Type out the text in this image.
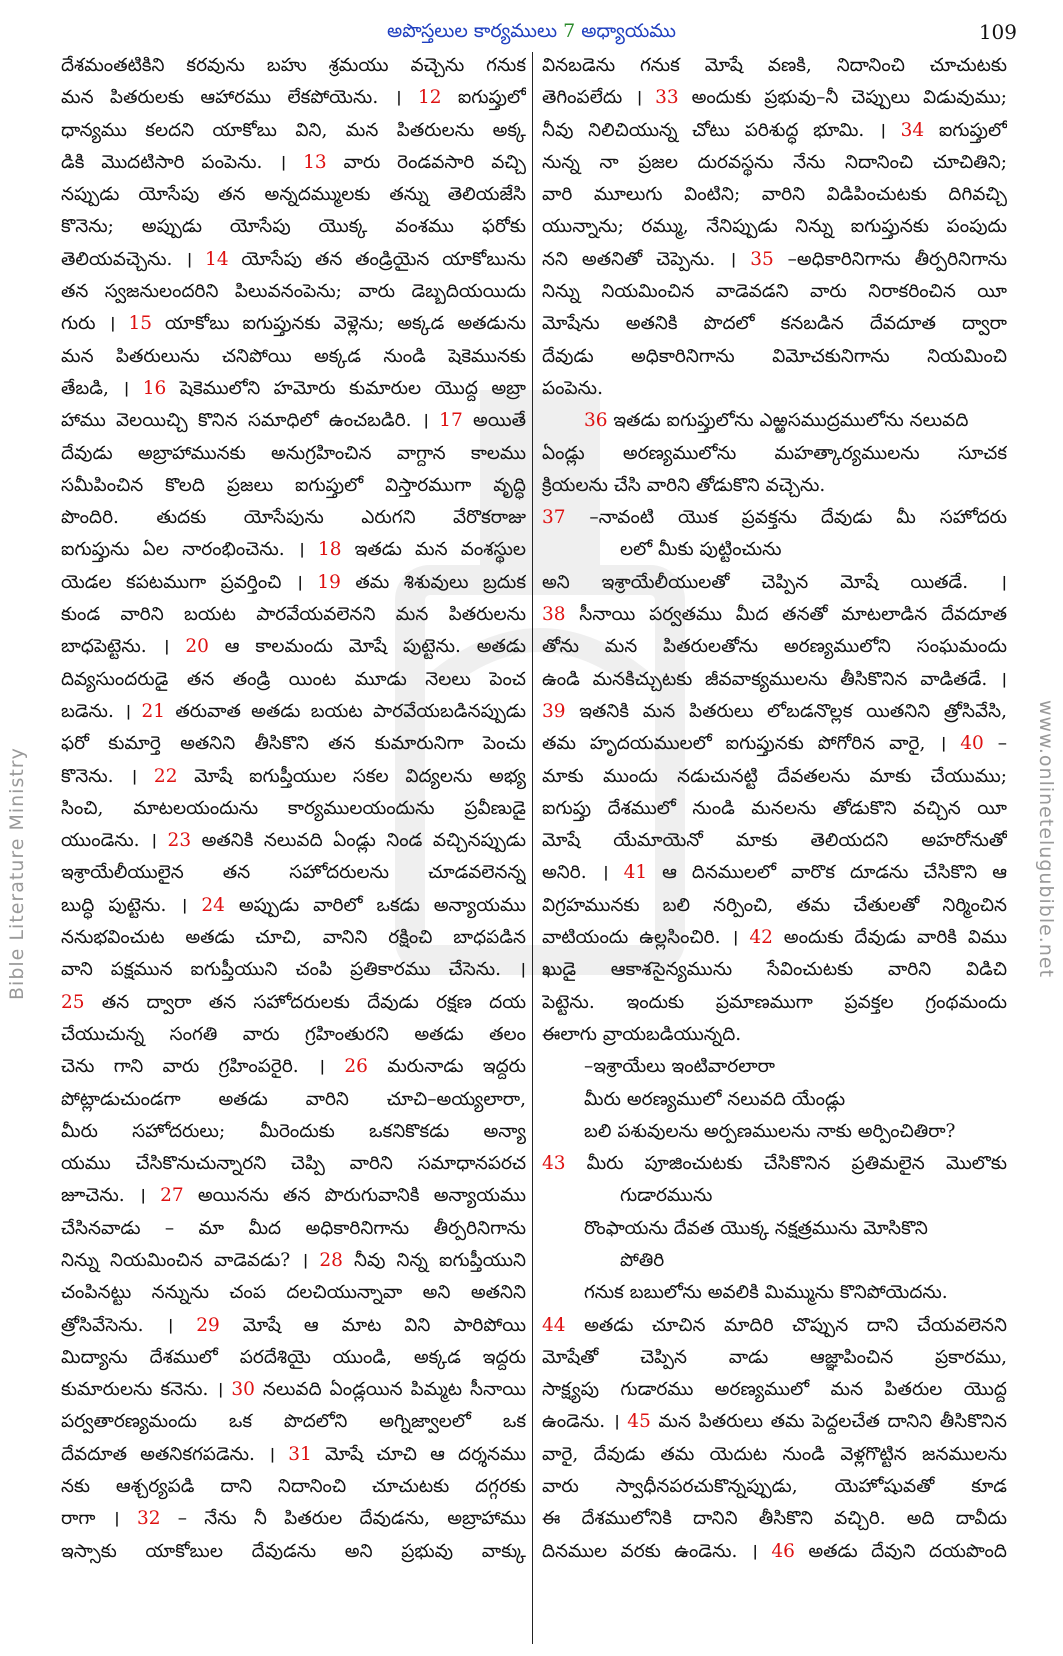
అపొస్తలుల కార్యములు 7 అధ్యాయము	109
Bible Literature Ministry	www.onlinetelugubible.net
దేశమంతటికిని కరవును బహు శ్రమయు వచ్చెను గనుక
మన పితరులకు ఆహారము లేకపోయెను. । 12 ఐగుప్తులో
ధాన్యము కలదని యాకోబు విని, మన పితరులను అక్క
డికి మొదటిసారి పంపెను. । 13 వారు రెండవసారి వచ్చి
నప్పుడు యోసేపు తన అన్నదమ్ములకు తన్ను తెలియజేసి
కొనెను; అప్పుడు యోసేపు యొక్క వంశము ఫరోకు
తెలియవచ్చెను. । 14 యోసేపు తన తండ్రియైన యాకోబును
తన స్వజనులందరిని పిలువనంపెను; వారు డెబ్బదియయిదు
గురు । 15 యాకోబు ఐగుప్తునకు వెళ్లెను; అక్కడ అతడును
మన పితరులును చనిపోయి అక్కడ నుండి షెకెమునకు
తేబడి, । 16 షెకెములోని హమోరు కుమారుల యొద్ద అబ్రా
హాము వెలయిచ్చి కొనిన సమాధిలో ఉంచబడిరి. । 17 అయితే
దేవుడు అబ్రాహామునకు అనుగ్రహించిన వాగ్దాన కాలము
సమీపించిన కొలది ప్రజలు ఐగుప్తులో విస్తారముగా వృద్ధి
పొందిరి. తుదకు యోసేపును ఎరుగని వేరొకరాజు
ఐగుప్తును ఏల నారంభించెను. । 18 ఇతడు మన వంశస్థుల
యెడల కపటముగా ప్రవర్తించి । 19 తమ శిశువులు బ్రదుక
కుండ వారిని బయట పారవేయవలెనని మన పితరులను
బాధపెట్టెను. । 20 ఆ కాలమందు మోషే పుట్టెను. అతడు
దివ్యసుందరుడై తన తండ్రి యింట మూడు నెలలు పెంచ
బడెను. । 21 తరువాత అతడు బయట పారవేయబడినప్పుడు
ఫరో కుమార్తె అతనిని తీసికొని తన కుమారునిగా పెంచు
కొనెను. । 22 మోషే ఐగుప్తీయుల సకల విద్యలను అభ్య
సించి, మాటలయందును కార్యములయందును ప్రవీణుడై
యుండెను. । 23 అతనికి నలువది ఏండ్లు నిండ వచ్చినప్పుడు
ఇశ్రాయేలీయులైన తన సహోదరులను చూడవలెనన్న
బుద్ధి పుట్టెను. । 24 అప్పుడు వారిలో ఒకడు అన్యాయము
ననుభవించుట అతడు చూచి, వానిని రక్షించి బాధపడిన
వాని పక్షమున ఐగుప్తీయుని చంపి ప్రతికారము చేసెను. ।
25 తన ద్వారా తన సహోదరులకు దేవుడు రక్షణ దయ
చేయుచున్న సంగతి వారు గ్రహింతురని అతడు తలం
చెను గాని వారు గ్రహింపరైరి. । 26 మరునాడు ఇద్దరు
పోట్లాడుచుండగా అతడు వారిని చూచి–అయ్యలారా,
మీరు సహోదరులు; మీరెందుకు ఒకనికొకడు అన్యా
యము చేసికొనుచున్నారని చెప్పి వారిని సమాధానపరచ
జూచెను. । 27 అయినను తన పొరుగువానికి అన్యాయము
చేసినవాడు – మా మీద అధికారినిగాను తీర్పరినిగాను
నిన్ను నియమించిన వాడెవడు? । 28 నీవు నిన్న ఐగుప్తీయుని
చంపినట్టు నన్నును చంప దలచియున్నావా అని అతనిని
త్రోసివేసెను. । 29 మోషే ఆ మాట విని పారిపోయి
మిద్యాను దేశములో పరదేశియై యుండి, అక్కడ ఇద్దరు
కుమారులను కనెను. । 30 నలువది ఏండ్లయిన పిమ్మట సీనాయి
పర్వతారణ్యమందు ఒక పొదలోని అగ్నిజ్వాలలో ఒక
దేవదూత అతనికగపడెను. । 31 మోషే చూచి ఆ దర్శనము
నకు ఆశ్చర్యపడి దాని నిదానించి చూచుటకు దగ్గరకు
రాగా । 32 – నేను నీ పితరుల దేవుడను, అబ్రాహాము
ఇస్సాకు యాకోబుల దేవుడను అని ప్రభువు వాక్కు
వినబడెను గనుక మోషే వణకి, నిదానించి చూచుటకు
తెగింపలేదు । 33 అందుకు ప్రభువు–నీ చెప్పులు విడువుము;
నీవు నిలిచియున్న చోటు పరిశుద్ధ భూమి. । 34 ఐగుప్తులో
నున్న నా ప్రజల దురవస్థను నేను నిదానించి చూచితిని;
వారి మూలుగు వింటిని; వారిని విడిపించుటకు దిగివచ్చి
యున్నాను; రమ్ము, నేనిప్పుడు నిన్ను ఐగుప్తునకు పంపుదు
నని అతనితో చెప్పెను. । 35 –అధికారినిగాను తీర్పరినిగాను
నిన్ను నియమించిన వాడెవడని వారు నిరాకరించిన యీ
మోషేను అతనికి పొదలో కనబడిన దేవదూత ద్వారా
దేవుడు అధికారినిగాను విమోచకునిగాను నియమించి
పంపెను.
36 ఇతడు ఐగుప్తులోను ఎఱ్ఱసముద్రములోను నలువది
ఏండ్లు అరణ్యములోను మహత్కార్యములను సూచక
క్రియలను చేసి వారిని తోడుకొని వచ్చెను.
37 –నావంటి యొక ప్రవక్తను దేవుడు మీ సహోదరు
లలో మీకు పుట్టించును
అని ఇశ్రాయేలీయులతో చెప్పిన మోషే యితడే. ।
38 సీనాయి పర్వతము మీద తనతో మాటలాడిన దేవదూత
తోను మన పితరులతోను అరణ్యములోని సంఘమందు
ఉండి మనకిచ్చుటకు జీవవాక్యములను తీసికొనిన వాడితడే. ।
39 ఇతనికి మన పితరులు లోబడనొల్లక యితనిని త్రోసివేసి,
తమ హృదయములలో ఐగుప్తునకు పోగోరిన వారై, । 40 –
మాకు ముందు నడుచునట్టి దేవతలను మాకు చేయుము;
ఐగుప్తు దేశములో నుండి మనలను తోడుకొని వచ్చిన యీ
మోషే యేమాయెనో మాకు తెలియదని అహరోనుతో
అనిరి. । 41 ఆ దినములలో వారొక దూడను చేసికొని ఆ
విగ్రహమునకు బలి నర్పించి, తమ చేతులతో నిర్మించిన
వాటియందు ఉల్లసించిరి. । 42 అందుకు దేవుడు వారికి విము
ఖుడై ఆకాశసైన్యమును సేవించుటకు వారిని విడిచి
పెట్టెను. ఇందుకు ప్రమాణముగా ప్రవక్తల గ్రంథమందు
ఈలాగు వ్రాయబడియున్నది.
–ఇశ్రాయేలు ఇంటివారలారా
మీరు అరణ్యములో నలువది యేండ్లు
బలి పశువులను అర్పణములను నాకు అర్పించితిరా?
43 మీరు పూజించుటకు చేసికొనిన ప్రతిమలైన మొలొకు
గుడారమును
రొంఫాయను దేవత యొక్క నక్షత్రమును మోసికొని
పోతిరి
గనుక బబులోను అవలికి మిమ్మును కొనిపోయెదను.
44 అతడు చూచిన మాదిరి చొప్పున దాని చేయవలెనని
మోషేతో చెప్పిన వాడు ఆజ్ఞాపించిన ప్రకారము,
సాక్ష్యపు గుడారము అరణ్యములో మన పితరుల యొద్ద
ఉండెను. । 45 మన పితరులు తమ పెద్దలచేత దానిని తీసికొనిన
వారై, దేవుడు తమ యెదుట నుండి వెళ్లగొట్టిన జనములను
వారు స్వాధీనపరచుకొన్నప్పుడు, యెహోషువతో కూడ
ఈ దేశములోనికి దానిని తీసికొని వచ్చిరి. అది దావీదు
దినముల వరకు ఉండెను. । 46 అతడు దేవుని దయపొంది
